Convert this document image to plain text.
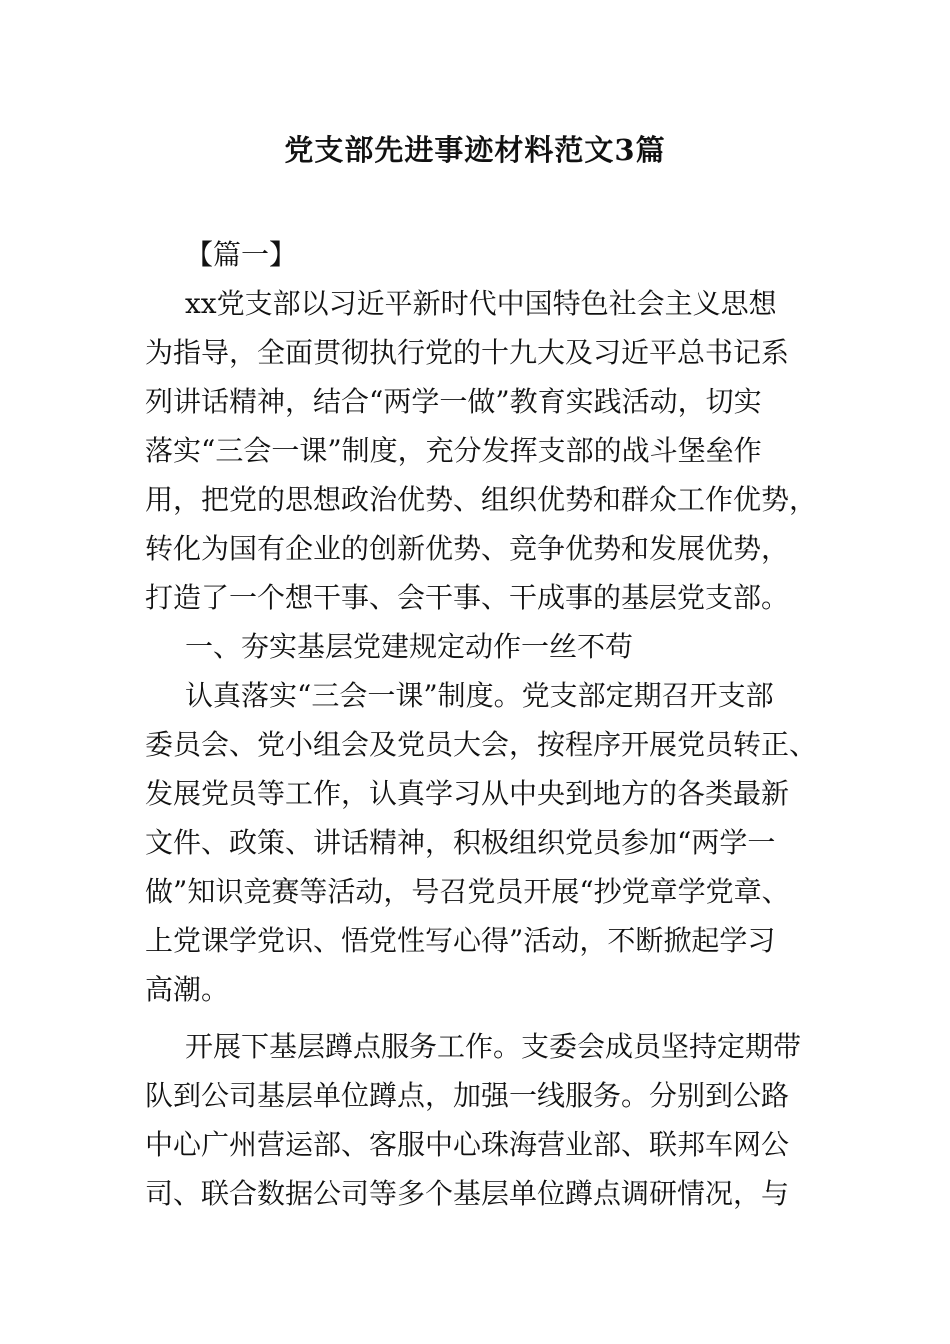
党支部先进事迹材料范文3篇
【篇一】
xx党支部以习近平新时代中国特色社会主义思想
为指导，全面贯彻执行党的十九大及习近平总书记系
列讲话精神，结合“两学一做”教育实践活动，切实
落实“三会一课”制度，充分发挥支部的战斗堡垒作
用，把党的思想政治优势、组织优势和群众工作优势，
转化为国有企业的创新优势、竞争优势和发展优势，
打造了一个想干事、会干事、干成事的基层党支部。
一、夯实基层党建规定动作一丝不苟
认真落实“三会一课”制度。党支部定期召开支部
委员会、党小组会及党员大会，按程序开展党员转正、
发展党员等工作，认真学习从中央到地方的各类最新
文件、政策、讲话精神，积极组织党员参加“两学一
做”知识竞赛等活动，号召党员开展“抄党章学党章、
上党课学党识、悟党性写心得”活动，不断掀起学习
高潮。
开展下基层蹲点服务工作。支委会成员坚持定期带
队到公司基层单位蹲点，加强一线服务。分别到公路
中心广州营运部、客服中心珠海营业部、联邦车网公
司、联合数据公司等多个基层单位蹲点调研情况，与
